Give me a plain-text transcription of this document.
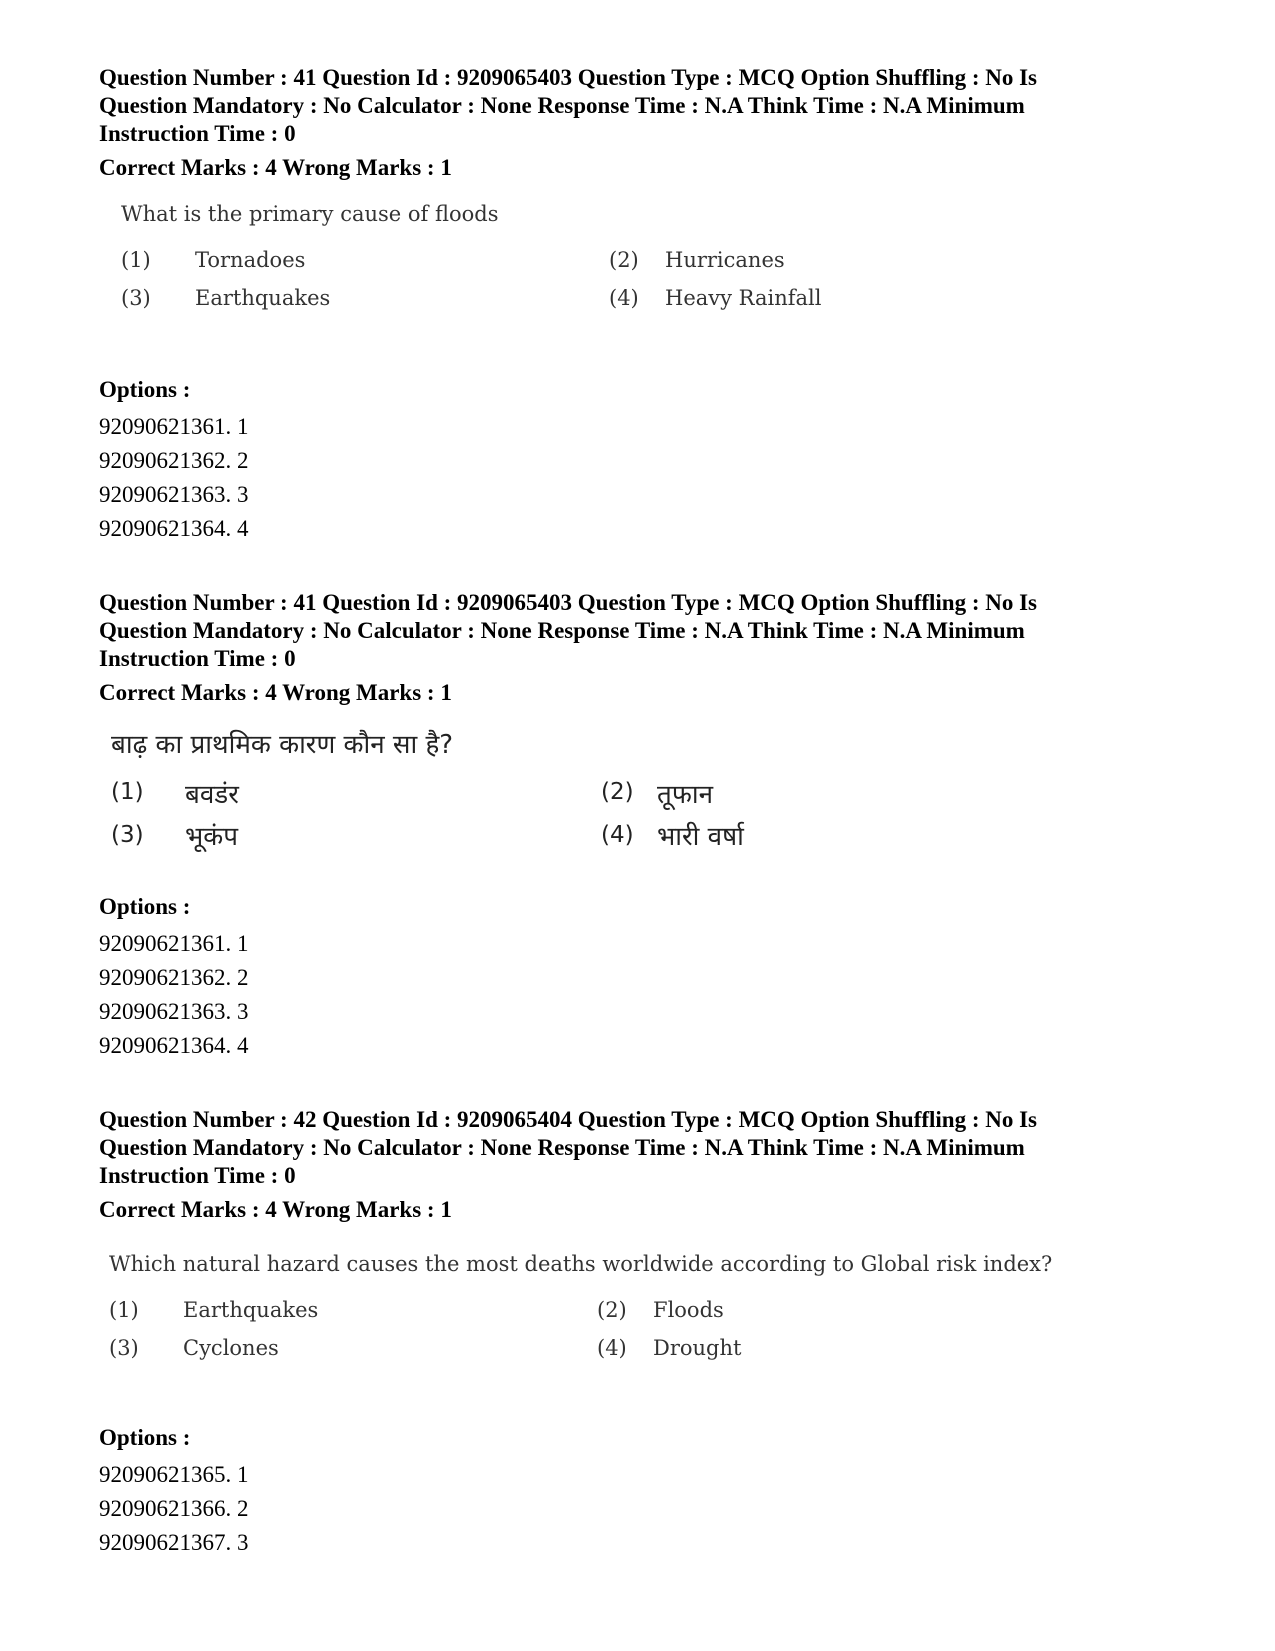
Question Number : 41 Question Id : 9209065403 Question Type : MCQ Option Shuffling : No Is
Question Mandatory : No Calculator : None Response Time : N.A Think Time : N.A Minimum
Instruction Time : 0
Correct Marks : 4 Wrong Marks : 1
What is the primary cause of floods
(1) Tornadoes	(2) Hurricanes
(3) Earthquakes	(4) Heavy Rainfall
Options :
92090621361. 1
92090621362. 2
92090621363. 3
92090621364. 4
Question Number : 41 Question Id : 9209065403 Question Type : MCQ Option Shuffling : No Is
Question Mandatory : No Calculator : None Response Time : N.A Think Time : N.A Minimum
Instruction Time : 0
Correct Marks : 4 Wrong Marks : 1
बाढ़ का प्राथमिक कारण कौन सा है?
(1) बवडंर	(2) तूफान
(3) भूकंप	(4) भारी वर्षा
Options :
92090621361. 1
92090621362. 2
92090621363. 3
92090621364. 4
Question Number : 42 Question Id : 9209065404 Question Type : MCQ Option Shuffling : No Is
Question Mandatory : No Calculator : None Response Time : N.A Think Time : N.A Minimum
Instruction Time : 0
Correct Marks : 4 Wrong Marks : 1
Which natural hazard causes the most deaths worldwide according to Global risk index?
(1) Earthquakes	(2) Floods
(3) Cyclones	(4) Drought
Options :
92090621365. 1
92090621366. 2
92090621367. 3
